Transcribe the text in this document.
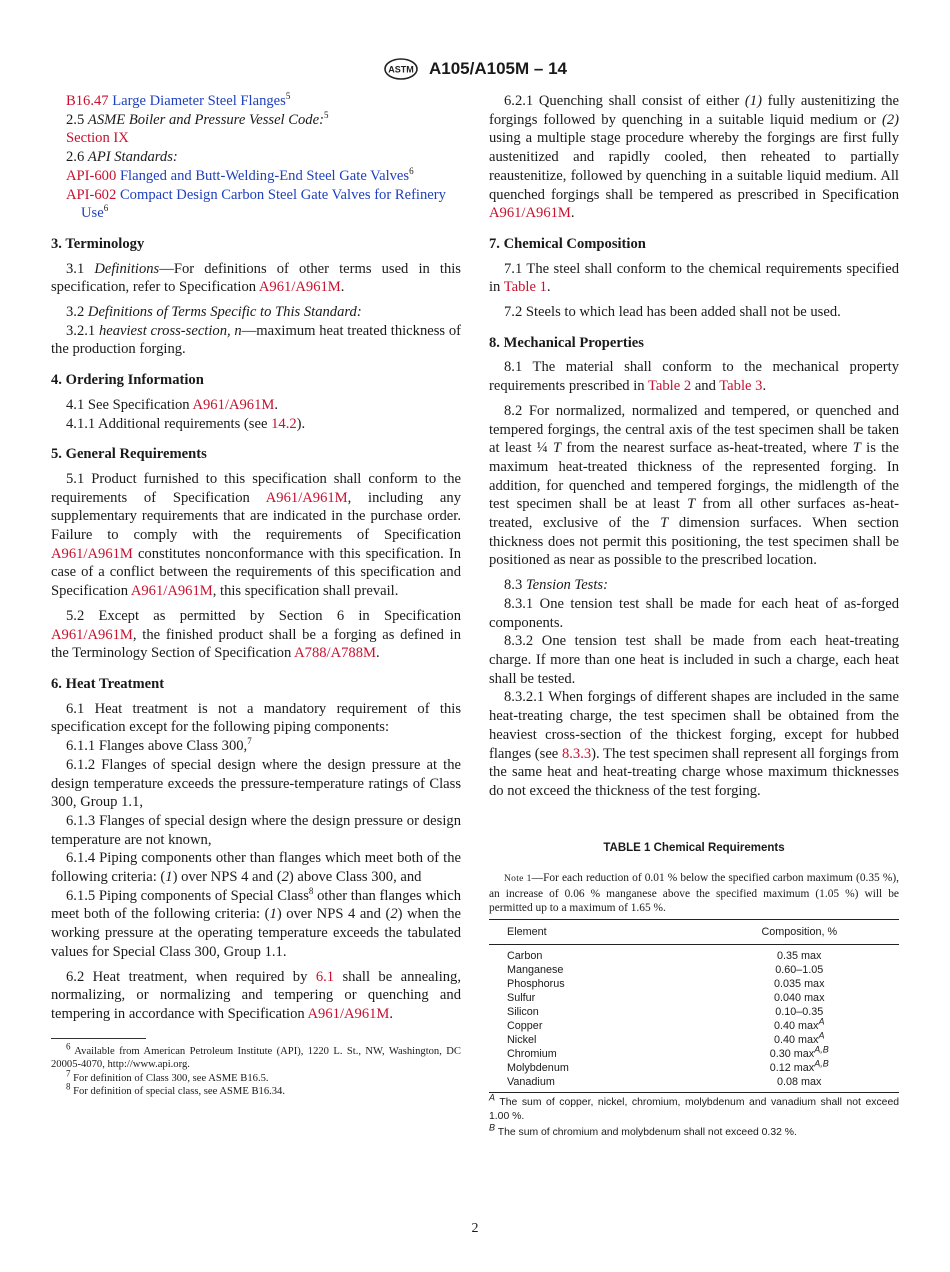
ASTM A105/A105M – 14

B16.47 Large Diameter Steel Flanges$^5$

2.5 ASME Boiler and Pressure Vessel Code:$^5$

Section IX

2.6 API Standards:

API-600 Flanged and Butt-Welding-End Steel Gate Valves$^6$

API-602 Compact Design Carbon Steel Gate Valves for Refinery Use$^6$

3. Terminology

3.1 Definitions—For definitions of other terms used in this specification, refer to Specification A961/A961M.

3.2 Definitions of Terms Specific to This Standard:

3.2.1 heaviest cross-section, n—maximum heat treated thickness of the production forging.

4. Ordering Information

4.1 See Specification A961/A961M.

4.1.1 Additional requirements (see 14.2).

5. General Requirements

5.1 Product furnished to this specification shall conform to the requirements of Specification A961/A961M, including any supplementary requirements that are indicated in the purchase order. Failure to comply with the requirements of Specification A961/A961M constitutes nonconformance with this specification. In case of a conflict between the requirements of this specification and Specification A961/A961M, this specification shall prevail.

5.2 Except as permitted by Section 6 in Specification A961/A961M, the finished product shall be a forging as defined in the Terminology Section of Specification A788/A788M.

6. Heat Treatment

6.1 Heat treatment is not a mandatory requirement of this specification except for the following piping components:

6.1.1 Flanges above Class 300,$^7$

6.1.2 Flanges of special design where the design pressure at the design temperature exceeds the pressure-temperature ratings of Class 300, Group 1.1,

6.1.3 Flanges of special design where the design pressure or design temperature are not known,

6.1.4 Piping components other than flanges which meet both of the following criteria: (1) over NPS 4 and (2) above Class 300, and

6.1.5 Piping components of Special Class$^8$ other than flanges which meet both of the following criteria: (1) over NPS 4 and (2) when the working pressure at the operating temperature exceeds the tabulated values for Special Class 300, Group 1.1.

6.2 Heat treatment, when required by 6.1 shall be annealing, normalizing, or normalizing and tempering or quenching and tempering in accordance with Specification A961/A961M.

$^6$ Available from American Petroleum Institute (API), 1220 L. St., NW, Washington, DC 20005-4070, http://www.api.org.

$^7$ For definition of Class 300, see ASME B16.5.

$^8$ For definition of special class, see ASME B16.34.

6.2.1 Quenching shall consist of either (1) fully austenitizing the forgings followed by quenching in a suitable liquid medium or (2) using a multiple stage procedure whereby the forgings are first fully austenitized and rapidly cooled, then reheated to partially reaustenitize, followed by quenching in a suitable liquid medium. All quenched forgings shall be tempered as prescribed in Specification A961/A961M.

7. Chemical Composition

7.1 The steel shall conform to the chemical requirements specified in Table 1.

7.2 Steels to which lead has been added shall not be used.

8. Mechanical Properties

8.1 The material shall conform to the mechanical property requirements prescribed in Table 2 and Table 3.

8.2 For normalized, normalized and tempered, or quenched and tempered forgings, the central axis of the test specimen shall be taken at least ¼ T from the nearest surface as-heat-treated, where T is the maximum heat-treated thickness of the represented forging. In addition, for quenched and tempered forgings, the midlength of the test specimen shall be at least T from all other surfaces as-heat-treated, exclusive of the T dimension surfaces. When section thickness does not permit this positioning, the test specimen shall be positioned as near as possible to the prescribed location.

8.3 Tension Tests:

8.3.1 One tension test shall be made for each heat of as-forged components.

8.3.2 One tension test shall be made from each heat-treating charge. If more than one heat is included in such a charge, each heat shall be tested.

8.3.2.1 When forgings of different shapes are included in the same heat-treating charge, the test specimen shall be obtained from the heaviest cross-section of the thickest forging, except for hubbed flanges (see 8.3.3). The test specimen shall represent all forgings from the same heat and heat-treating charge whose maximum thicknesses do not exceed the thickness of the test forging.

TABLE 1 Chemical Requirements

Note 1—For each reduction of 0.01 % below the specified carbon maximum (0.35 %), an increase of 0.06 % manganese above the specified maximum (1.05 %) will be permitted up to a maximum of 1.65 %.

Element	Composition, %
Carbon	0.35 max
Manganese	0.60–1.05
Phosphorus	0.035 max
Sulfur	0.040 max
Silicon	0.10–0.35
Copper	0.40 $\max^A$
Nickel	0.40 $\max^A$
Chromium	0.30 $\max^{A,B}$
Molybdenum	0.12 $\max^{A,B}$
Vanadium	0.08 max

$^A$ The sum of copper, nickel, chromium, molybdenum and vanadium shall not exceed 1.00 %.

$^B$ The sum of chromium and molybdenum shall not exceed 0.32 %.

2
